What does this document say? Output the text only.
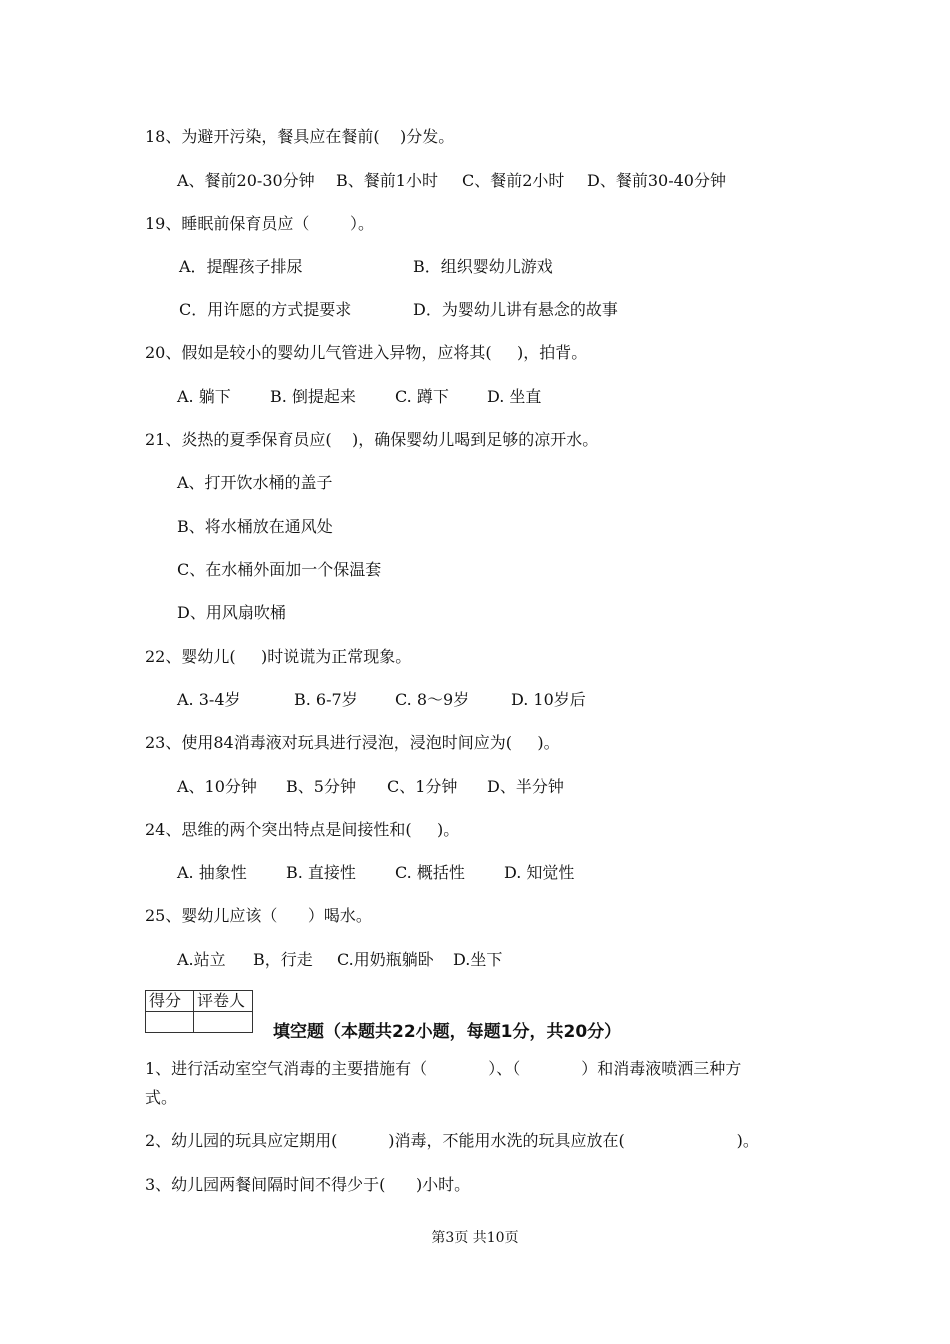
18、为避开污染，餐具应在餐前(    )分发。

A、餐前20-30分钟

B、餐前1小时

C、餐前2小时

D、餐前30-40分钟

19、睡眠前保育员应（        ）。

A．提醒孩子排尿

	B．组织婴幼儿游戏

C．用许愿的方式提要求

	D．为婴幼儿讲有悬念的故事

20、假如是较小的婴幼儿气管进入异物，应将其(     )，拍背。

A. 躺下

B. 倒提起来

C. 蹲下

D. 坐直

21、炎热的夏季保育员应(    )，确保婴幼儿喝到足够的凉开水。
A、打开饮水桶的盖子
B、将水桶放在通风处
C、在水桶外面加一个保温套
D、用风扇吹桶
22、婴幼儿(     )时说谎为正常现象。

A. 3-4岁

	B. 6-7岁

C. 8～9岁

	D. 10岁后

23、使用84消毒液对玩具进行浸泡，浸泡时间应为(     )。

A、10分钟

B、5分钟

C、1分钟

D、半分钟

24、思维的两个突出特点是间接性和(     )。

A. 抽象性

B. 直接性

C. 概括性

D. 知觉性

25、婴幼儿应该（      ）喝水。

A.站立

B，行走

C.用奶瓶躺卧

D.坐下

得分	评卷人

填空题（本题共22小题，每题1分，共20分）
1、进行活动室空气消毒的主要措施有（            ）、（            ）和消毒液喷洒三种方
式。
2、幼儿园的玩具应定期用(          )消毒，不能用水洗的玩具应放在(                      )。
3、幼儿园两餐间隔时间不得少于(      )小时。
第3页 共10页
